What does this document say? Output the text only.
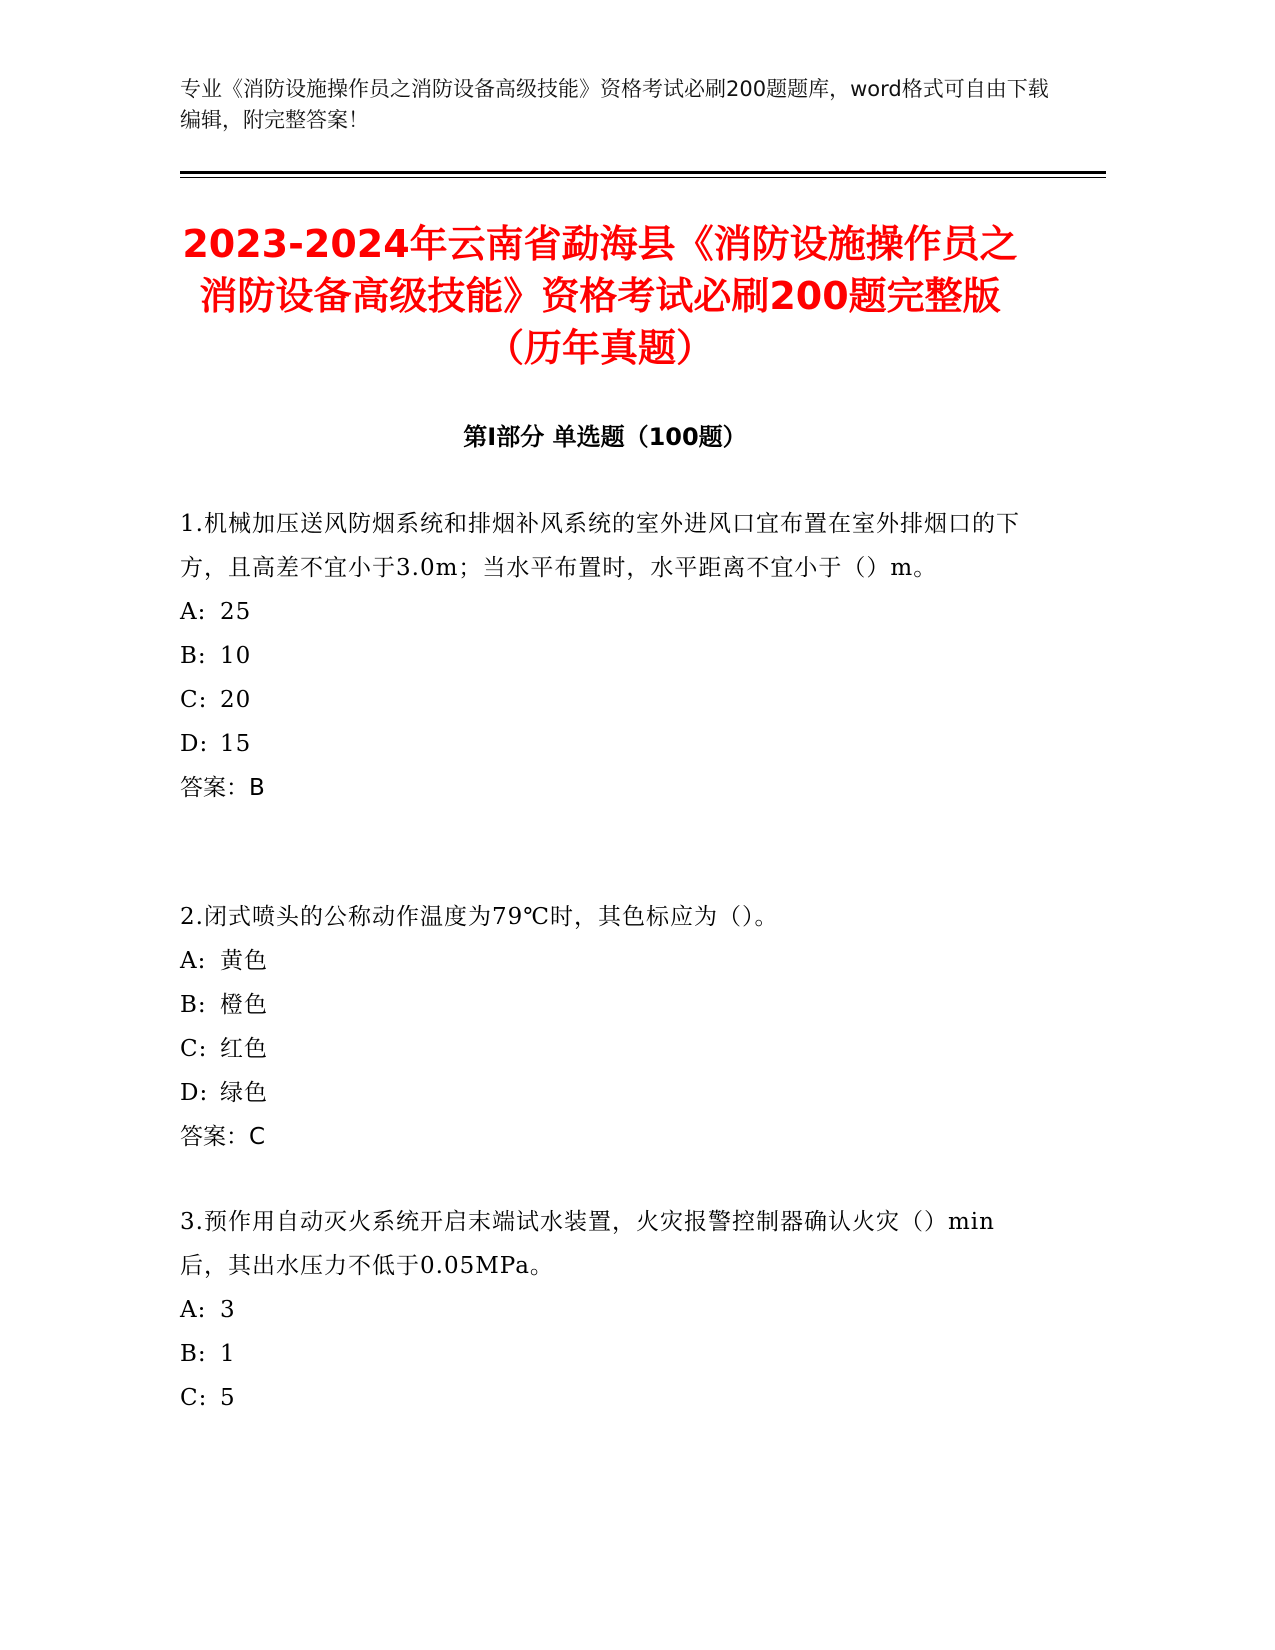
专业《消防设施操作员之消防设备高级技能》资格考试必刷200题题库，word格式可自由下载编辑，附完整答案！
2023-2024年云南省勐海县《消防设施操作员之消防设备高级技能》资格考试必刷200题完整版（历年真题）
第Ⅰ部分 单选题（100题）

1.机械加压送风防烟系统和排烟补风系统的室外进风口宜布置在室外排烟口的下方，且高差不宜小于3.0m；当水平布置时，水平距离不宜小于（）m。

A: 25

B: 10

C: 20

D: 15

答案：B

2.闭式喷头的公称动作温度为79℃时，其色标应为（）。

A: 黄色

B: 橙色

C: 红色

D: 绿色

答案：C

3.预作用自动灭火系统开启末端试水装置，火灾报警控制器确认火灾（）min后，其出水压力不低于0.05MPa。

A: 3

B: 1

C: 5
